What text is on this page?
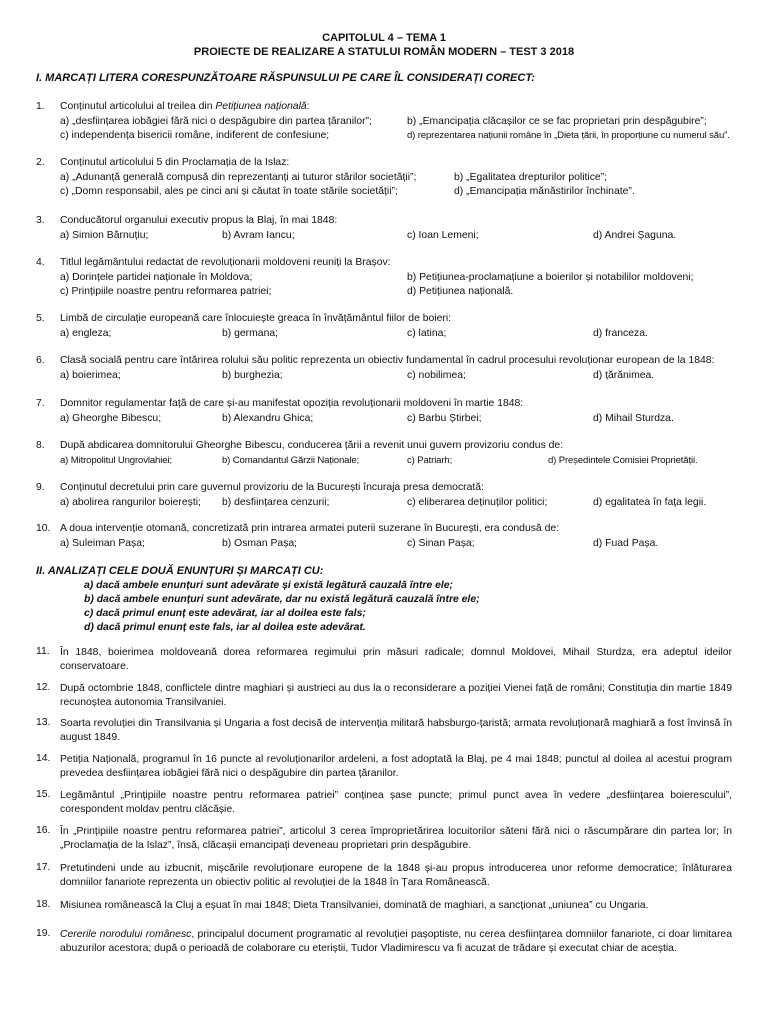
CAPITOLUL 4 – TEMA 1
PROIECTE DE REALIZARE A STATULUI ROMÂN MODERN – TEST 3 2018
I. MARCAȚI LITERA CORESPUNZĂTOARE RĂSPUNSULUI PE CARE ÎL CONSIDERAȚI CORECT:
1. Conținutul articolului al treilea din Petițiunea națională:
a) „desființarea iobăgiei fără nici o despăgubire din partea țăranilor”;	b) „Emancipația clăcașilor ce se fac proprietari prin despăgubire”;
c) independența bisericii române, indiferent de confesiune;	d) reprezentarea națiunii române în „Dieta țării, în proporțiune cu numerul său”.
2. Conținutul articolului 5 din Proclamația de la Islaz:
a) „Adunanță generală compusă din reprezentanți ai tuturor stărilor societății”;	b) „Egalitatea drepturilor politice”;
c) „Domn responsabil, ales pe cinci ani și căutat în toate stările societății”;	d) „Emancipația mănăstirilor închinate”.
3. Conducătorul organului executiv propus la Blaj, în mai 1848:
a) Simion Bărnuțiu;	b) Avram Iancu;	c) Ioan Lemeni;	d) Andrei Șaguna.
4. Titlul legământului redactat de revoluționarii moldoveni reuniți la Brașov:
a) Dorințele partidei naționale în Moldova;	b) Petițiunea-proclamațiune a boierilor și notabililor moldoveni;
c) Prințipiile noastre pentru reformarea patriei;	d) Petițiunea națională.
5. Limbă de circulație europeană care înlocuiește greaca în învățământul fiilor de boieri:
a) engleza;	b) germana;	c) latina;	d) franceza.
6. Clasă socială pentru care întărirea rolului său politic reprezenta un obiectiv fundamental în cadrul procesului revoluționar european de la 1848:
a) boierimea;	b) burghezia;	c) nobilimea;	d) țărănimea.
7. Domnitor regulamentar față de care și-au manifestat opoziția revoluționarii moldoveni în martie 1848:
a) Gheorghe Bibescu;	b) Alexandru Ghica;	c) Barbu Știrbei;	d) Mihail Sturdza.
8. După abdicarea domnitorului Gheorghe Bibescu, conducerea țării a revenit unui guvern provizoriu condus de:
a) Mitropolitul Ungrovlahiei;	b) Comandantul Gărzii Naționale;	c) Patriarh;	d) Președintele Comisiei Proprietății.
9. Conținutul decretului prin care guvernul provizoriu de la București încuraja presa democrată:
a) abolirea rangurilor boierești; b) desființarea cenzurii;	c) eliberarea deținuților politici;	d) egalitatea în fața legii.
10. A doua intervenție otomană, concretizată prin intrarea armatei puterii suzerane în București, era condusă de:
a) Suleiman Pașa;	b) Osman Pașa;	c) Sinan Pașa;	d) Fuad Pașa.
II. ANALIZAȚI CELE DOUĂ ENUNȚURI ȘI MARCAȚI CU:
a) dacă ambele enunțuri sunt adevărate și există legătură cauzală între ele;
b) dacă ambele enunțuri sunt adevărate, dar nu există legătură cauzală între ele;
c) dacă primul enunț este adevărat, iar al doilea este fals;
d) dacă primul enunț este fals, iar al doilea este adevărat.
11. În 1848, boierimea moldoveană dorea reformarea regimului prin măsuri radicale; domnul Moldovei, Mihail Sturdza, era adeptul ideilor conservatoare.
12. După octombrie 1848, conflictele dintre maghiari și austrieci au dus la o reconsiderare a poziției Vienei față de români; Constituția din martie 1849 recunoștea autonomia Transilvaniei.
13. Soarta revoluției din Transilvania și Ungaria a fost decisă de intervenția militară habsburgo-țaristă; armata revoluționară maghiară a fost învinsă în august 1849.
14. Petiția Națională, programul în 16 puncte al revoluționarilor ardeleni, a fost adoptată la Blaj, pe 4 mai 1848; punctul al doilea al acestui program prevedea desființarea iobăgiei fără nici o despăgubire din partea țăranilor.
15. Legământul „Prințipiile noastre pentru reformarea patriei” conținea șase puncte; primul punct avea în vedere „desființarea boierescului”, corespondent moldav pentru clăcășie.
16. În „Prințipiile noastre pentru reformarea patriei”, articolul 3 cerea împroprietărirea locuitorilor săteni fără nici o răscumpărare din partea lor; în „Proclamația de la Islaz”, însă, clăcașii emancipați deveneau proprietari prin despăgubire.
17. Pretutindeni unde au izbucnit, mișcările revoluționare europene de la 1848 și-au propus introducerea unor reforme democratice; înlăturarea domniilor fanariote reprezenta un obiectiv politic al revoluției de la 1848 în Țara Românească.
18. Misiunea românească la Cluj a eșuat în mai 1848; Dieta Transilvaniei, dominată de maghiari, a sancționat „uniunea” cu Ungaria.
19. Cererile norodului românesc, principalul document programatic al revoluției pașoptiste, nu cerea desființarea domniilor fanariote, ci doar limitarea abuzurilor acestora; după o perioadă de colaborare cu eteriștii, Tudor Vladimirescu va fi acuzat de trădare și executat chiar de aceștia.
